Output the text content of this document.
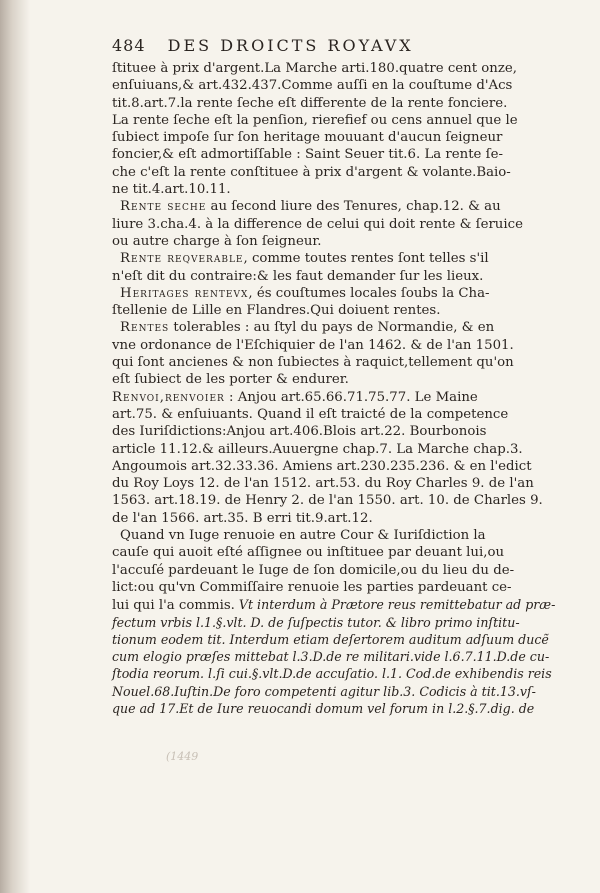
484 DES DROICTS ROYAVX
ſtituee à prix d'argent.La Marche arti.180.quatre cent onze,
enſuiuans,& art.432.437.Comme auſſi en la couſtume d'Acs
tit.8.art.7.la rente ſeche eſt differente de la rente fonciere.
La rente ſeche eſt la penſion, rierefief ou cens annuel que le
ſubiect impoſe ſur ſon heritage mouuant d'aucun ſeigneur
foncier,& eſt admortiſſable : Saint Seuer tit.6. La rente ſe-
che c'eſt la rente conſtituee à prix d'argent & volante.Baio-
ne tit.4.art.10.11.
Rente seche au ſecond liure des Tenures, chap.12. & au
liure 3.cha.4. à la difference de celui qui doit rente & ſeruice
ou autre charge à ſon ſeigneur.
Rente reqverable, comme toutes rentes ſont telles s'il
n'eſt dit du contraire:& les faut demander ſur les lieux.
Heritages rentevx, és couſtumes locales ſoubs la Cha-
ſtellenie de Lille en Flandres.Qui doiuent rentes.
Rentes tolerables : au ſtyl du pays de Normandie, & en
vne ordonance de l'Eſchiquier de l'an 1462. & de l'an 1501.
qui ſont ancienes & non ſubiectes à raquict,tellement qu'on
eſt ſubiect de les porter & endurer.
Renvoi,renvoier : Anjou art.65.66.71.75.77. Le Maine
art.75. & enſuiuants. Quand il eſt traicté de la competence
des Iuriſdictions:Anjou art.406.Blois art.22. Bourbonois
article 11.12.& ailleurs.Auuergne chap.7. La Marche chap.3.
Angoumois art.32.33.36. Amiens art.230.235.236. & en l'edict
du Roy Loys 12. de l'an 1512. art.53. du Roy Charles 9. de l'an
1563. art.18.19. de Henry 2. de l'an 1550. art. 10. de Charles 9.
de l'an 1566. art.35. B erri tit.9.art.12.
Quand vn Iuge renuoie en autre Cour & Iuriſdiction la
cauſe qui auoit eſté aſſignee ou inſtituee par deuant lui,ou
l'accuſé pardeuant le Iuge de ſon domicile,ou du lieu du de-
lict:ou qu'vn Commiſſaire renuoie les parties pardeuant ce-
lui qui l'a commis. Vt interdum à Prætore reus remittebatur ad præ-
fectum vrbis l.1.§.vlt. D. de ſuſpectis tutor. & libro primo inſtitu-
tionum eodem tit. Interdum etiam deſertorem auditum adſuum ducẽ
cum elogio præſes mittebat l.3.D.de re militari.vide l.6.7.11.D.de cu-
ſtodia reorum. l.ſi cui.§.vlt.D.de accuſatio. l.1. Cod.de exhibendis reis
Nouel.68.Iuſtin.De foro competenti agitur lib.3. Codicis à tit.13.vſ-
que ad 17.Et de Iure reuocandi domum vel forum in l.2.§.7.dig. de
(1449
